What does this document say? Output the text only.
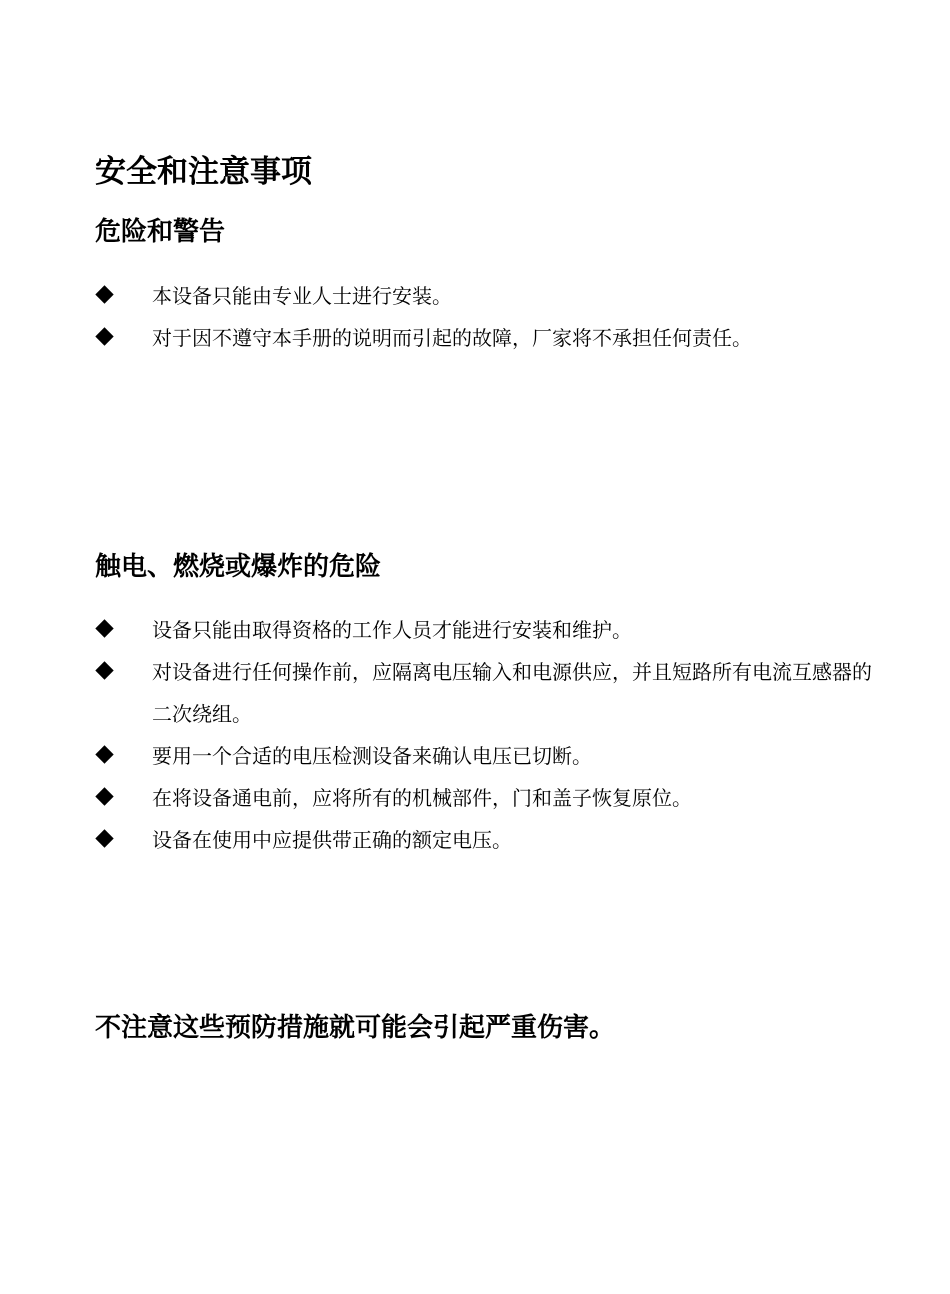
安全和注意事项
危险和警告
本设备只能由专业人士进行安装。
对于因不遵守本手册的说明而引起的故障，厂家将不承担任何责任。
触电、燃烧或爆炸的危险
设备只能由取得资格的工作人员才能进行安装和维护。
对设备进行任何操作前，应隔离电压输入和电源供应，并且短路所有电流互感器的二次绕组。
要用一个合适的电压检测设备来确认电压已切断。
在将设备通电前，应将所有的机械部件，门和盖子恢复原位。
设备在使用中应提供带正确的额定电压。

不注意这些预防措施就可能会引起严重伤害。
